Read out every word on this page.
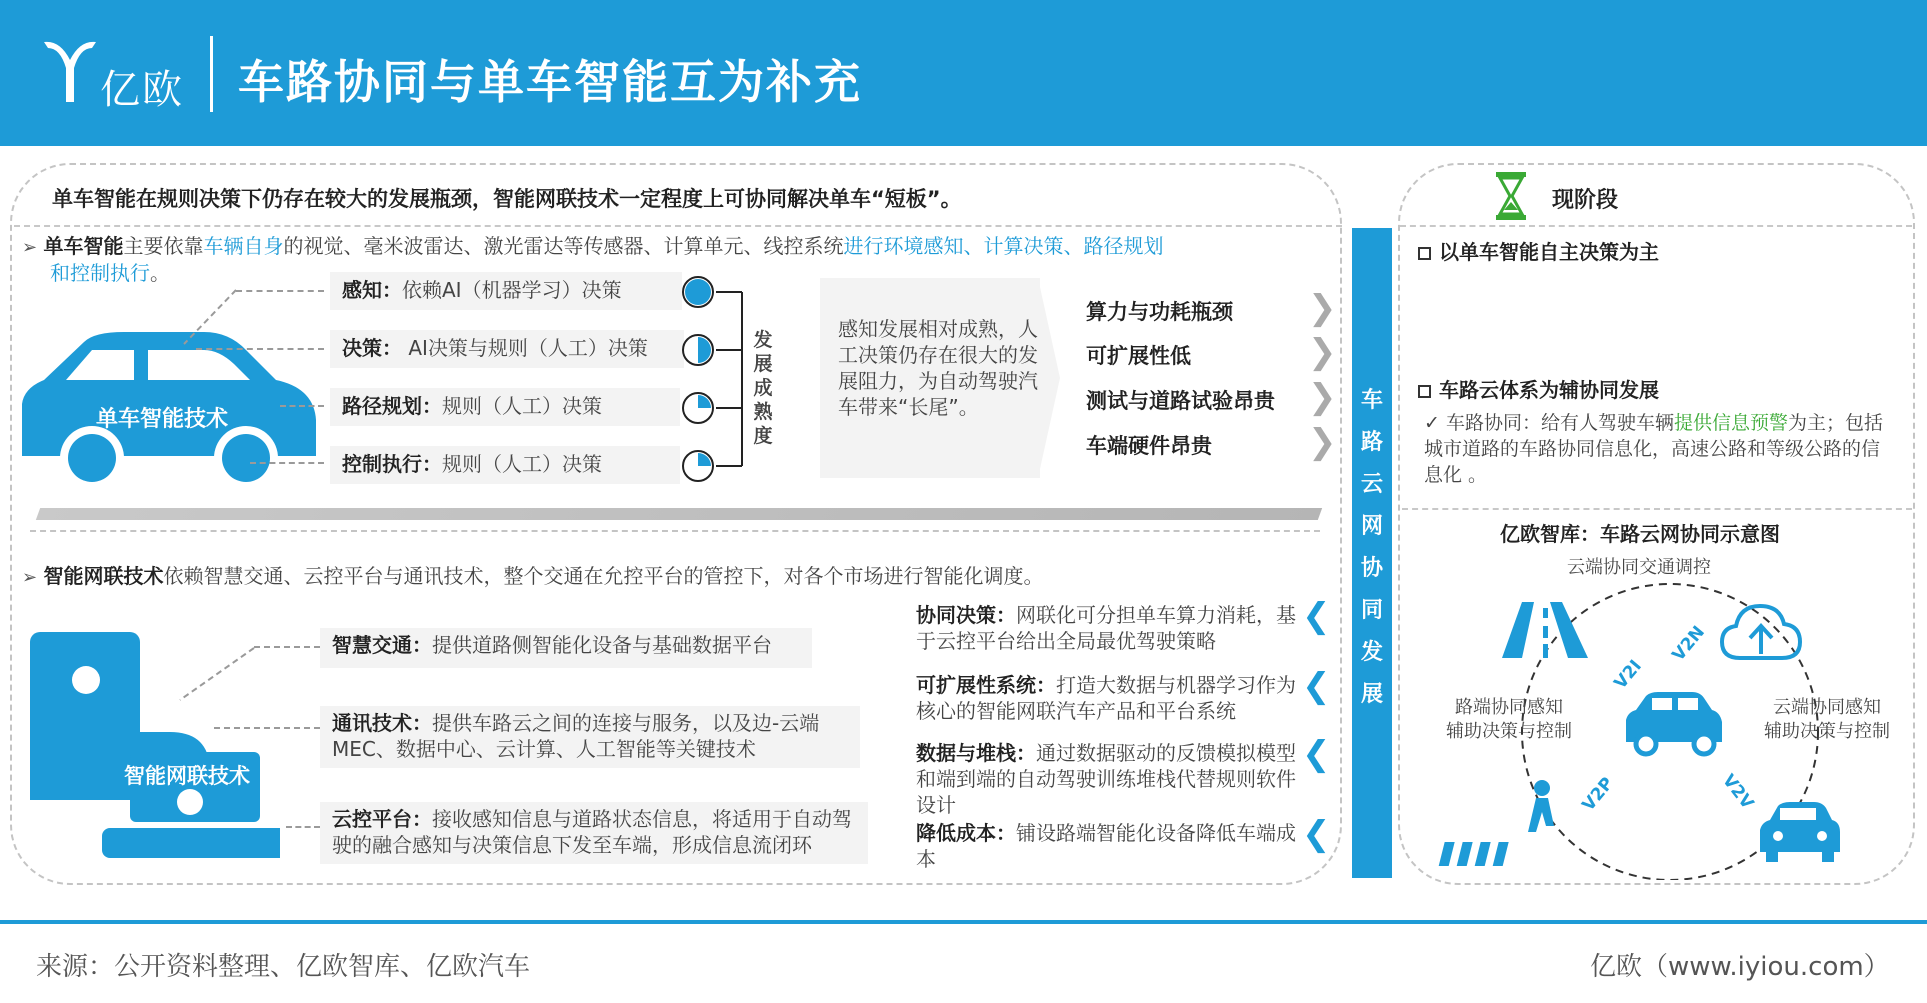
亿欧 车路协同与单车智能互为补充
单车智能在规则决策下仍存在较大的发展瓶颈，智能网联技术一定程度上可协同解决单车“短板”。
➢ 单车智能主要依靠车辆自身的视觉、毫米波雷达、激光雷达等传感器、计算单元、线控系统进行环境感知、计算决策、路径规划
和控制执行。
单车智能技术
感知：依赖AI（机器学习）决策
决策： AI决策与规则（人工）决策
路径规划：规则（人工）决策
控制执行：规则（人工）决策
发
展
成
熟
度
感知发展相对成熟，人工决策仍存在很大的发展阻力，为自动驾驶汽车带来“长尾”。
算力与功耗瓶颈 ❯
可扩展性低	❯
测试与道路试验昂贵 ❯
车端硬件昂贵	❯
➢ 智能网联技术依赖智慧交通、云控平台与通讯技术，整个交通在允控平台的管控下，对各个市场进行智能化调度。
智能网联技术
智慧交通：提供道路侧智能化设备与基础数据平台
通讯技术：提供车路云之间的连接与服务，以及边-云端MEC、数据中心、云计算、人工智能等关键技术
云控平台：接收感知信息与道路状态信息，将适用于自动驾驶的融合感知与决策信息下发至车端，形成信息流闭环
协同决策：网联化可分担单车算力消耗，基于云控平台给出全局最优驾驶策略
❮
可扩展性系统：打造大数据与机器学习作为核心的智能网联汽车产品和平台系统
❮
数据与堆栈：通过数据驱动的反馈模拟模型和端到端的自动驾驶训练堆栈代替规则软件设计
❮
降低成本：铺设路端智能化设备降低车端成本
❮
车
路
云
网
协
同
发
展
现阶段
以单车智能自主决策为主
车路云体系为辅协同发展
✓ 车路协同：给有人驾驶车辆提供信息预警为主；包括城市道路的车路协同信息化，高速公路和等级公路的信息化 。
亿欧智库：车路云网协同示意图
云端协同交通调控
V2I
V2N
V2P	V2V
路端协同感知
辅助决策与控制
云端协同感知
辅助决策与控制
来源：公开资料整理、亿欧智库、亿欧汽车	亿欧（www.iyiou.com）
